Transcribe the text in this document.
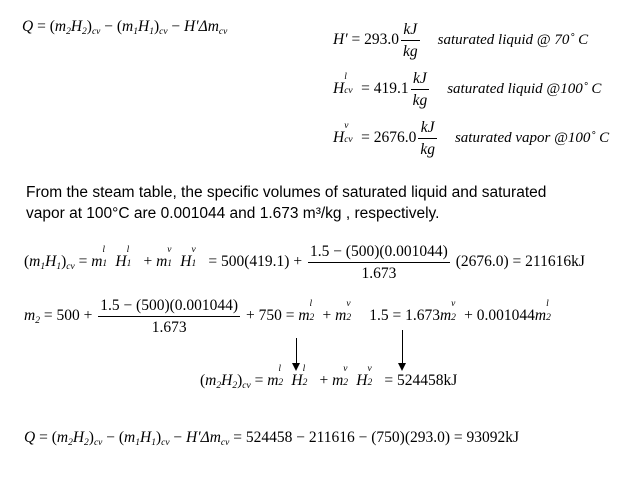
$Q = (m_2H_2)_{cv} - (m_1H_1)_{cv} - H'\Delta m_{cv}$	$H' = 293.0 \frac{kJ}{kg}$ saturated liquid @ 70˚ C
H
l
cv = $419.1 \frac{kJ}{kg}$ saturated liquid @100˚ C
H
v
cv = $2676.0 \frac{kJ}{kg}$ saturated vapor @100˚ C
From the steam table, the specific volumes of saturated liquid and saturated
vapor at 100°C are 0.001044 and 1.673 m³/kg , respectively.
$(m_1H_1)_{cv} = m$
l
1 H
l
1 + m
v
1 H
v
$1 = 500(419.1) + \frac{1.5 - (500)(0.001044)}{1.673} (2676.0) = 211616kJ$
$m_2 = 500 + \frac{1.5 - (500)(0.001044)}{1.673} + 750 = m$
l
2 + m
v
2 1.5 = 1.673m
v
2 + 0.001044m
l
2
$(m_2H_2)_{cv} = m$
l
2 H
l
2 + m
v
2 H
v
2 = 524458kJ
$Q = (m_2H_2)_{cv} - (m_1H_1)_{cv} - H'\Delta m_{cv} = 524458 - 211616 - (750)(293.0) = 93092kJ$
